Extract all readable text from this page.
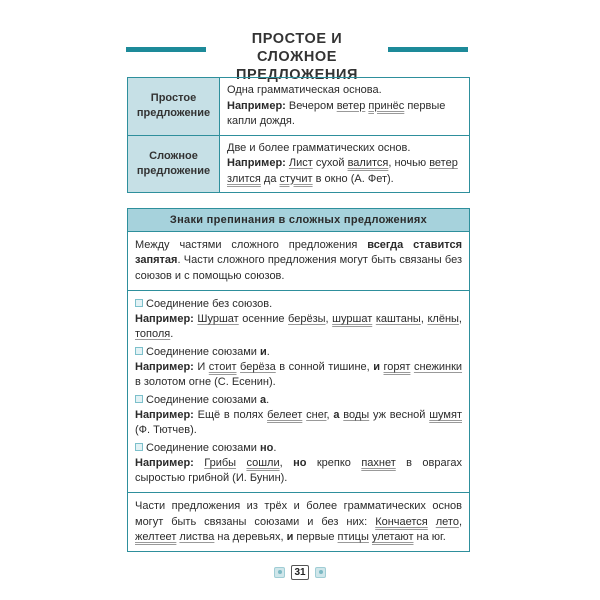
ПРОСТОЕ И СЛОЖНОЕ
ПРЕДЛОЖЕНИЯ
Простое предложение
Одна грамматическая основа.
Например: Вечером ветер принёс первые капли дождя.
Сложное предложение
Две и более грамматических основ.
Например: Лист сухой валится, ночью ветер злится да стучит в окно (А. Фет).
Знаки препинания в сложных предложениях
Между частями сложного предложения всегда ставится запятая. Части сложного предложения могут быть связаны без союзов и с помощью союзов.
Соединение без союзов.
Например: Шуршат осенние берёзы, шуршат каштаны, клёны, тополя.
Соединение союзами и.
Например: И стоит берёза в сонной тишине, и горят снежинки в золотом огне (С. Есенин).
Соединение союзами а.
Например: Ещё в полях белеет снег, а воды уж весной шумят (Ф. Тютчев).
Соединение союзами но.
Например: Грибы сошли, но крепко пахнет в оврагах сыростью грибной (И. Бунин).
Части предложения из трёх и более грамматических основ могут быть связаны союзами и без них: Кончается лето, желтеет листва на деревьях, и первые птицы улетают на юг.
31
